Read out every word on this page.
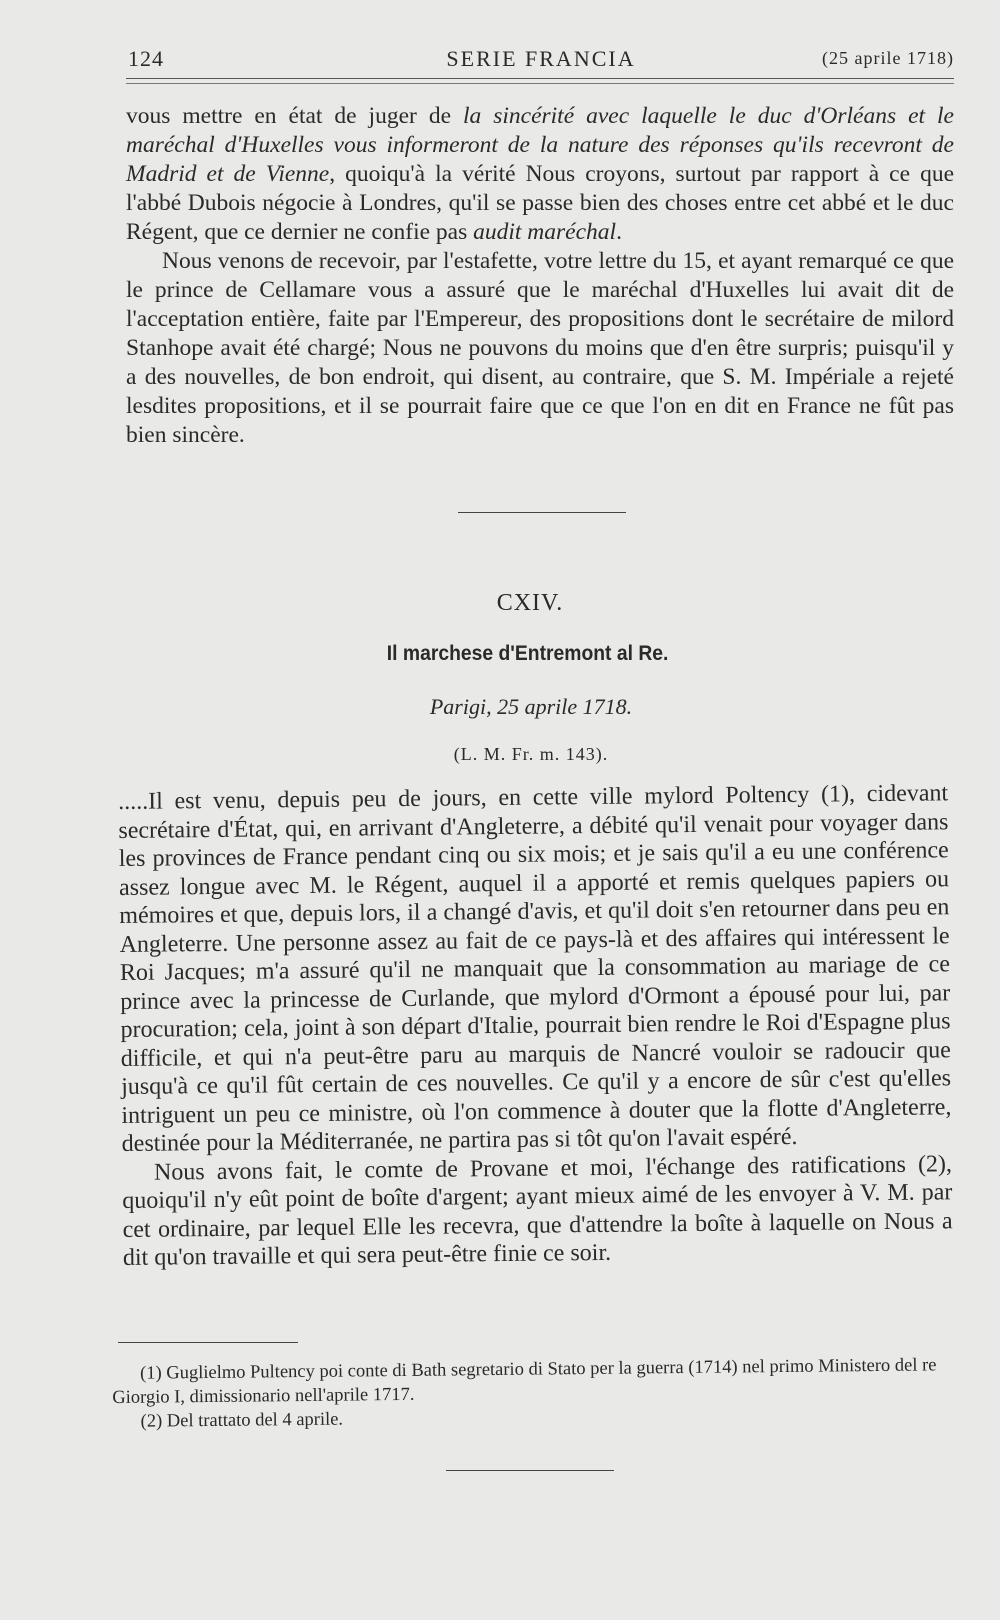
124	SERIE FRANCIA	(25 aprile 1718)

vous mettre en état de juger de la sincérité avec laquelle le duc d'Orléans et le maréchal d'Huxelles vous informeront de la nature des réponses qu'ils recevront de Madrid et de Vienne, quoiqu'à la vérité Nous croyons, surtout par rapport à ce que l'abbé Dubois négocie à Londres, qu'il se passe bien des choses entre cet abbé et le duc Régent, que ce dernier ne confie pas audit maréchal.

Nous venons de recevoir, par l'estafette, votre lettre du 15, et ayant remarqué ce que le prince de Cellamare vous a assuré que le maréchal d'Huxelles lui avait dit de l'acceptation entière, faite par l'Empereur, des propositions dont le secrétaire de milord Stanhope avait été chargé; Nous ne pouvons du moins que d'en être surpris; puisqu'il y a des nouvelles, de bon endroit, qui disent, au contraire, que S. M. Impériale a rejeté lesdites propositions, et il se pourrait faire que ce que l'on en dit en France ne fût pas bien sincère.

CXIV.
Il marchese d'Entremont al Re.
Parigi, 25 aprile 1718.
(L. M. Fr. m. 143).

.....Il est venu, depuis peu de jours, en cette ville mylord Poltency (1), cidevant secrétaire d'État, qui, en arrivant d'Angleterre, a débité qu'il venait pour voyager dans les provinces de France pendant cinq ou six mois; et je sais qu'il a eu une conférence assez longue avec M. le Régent, auquel il a apporté et remis quelques papiers ou mémoires et que, depuis lors, il a changé d'avis, et qu'il doit s'en retourner dans peu en Angleterre. Une personne assez au fait de ce pays-là et des affaires qui intéressent le Roi Jacques; m'a assuré qu'il ne manquait que la consommation au mariage de ce prince avec la princesse de Curlande, que mylord d'Ormont a épousé pour lui, par procuration; cela, joint à son départ d'Italie, pourrait bien rendre le Roi d'Espagne plus difficile, et qui n'a peut-être paru au marquis de Nancré vouloir se radoucir que jusqu'à ce qu'il fût certain de ces nouvelles. Ce qu'il y a encore de sûr c'est qu'elles intriguent un peu ce ministre, où l'on commence à douter que la flotte d'Angleterre, destinée pour la Méditerranée, ne partira pas si tôt qu'on l'avait espéré.

Nous avons fait, le comte de Provane et moi, l'échange des ratifications (2), quoiqu'il n'y eût point de boîte d'argent; ayant mieux aimé de les envoyer à V. M. par cet ordinaire, par lequel Elle les recevra, que d'attendre la boîte à laquelle on Nous a dit qu'on travaille et qui sera peut-être finie ce soir.

(1) Guglielmo Pultency poi conte di Bath segretario di Stato per la guerra (1714) nel primo Ministero del re Giorgio I, dimissionario nell'aprile 1717.

(2) Del trattato del 4 aprile.
